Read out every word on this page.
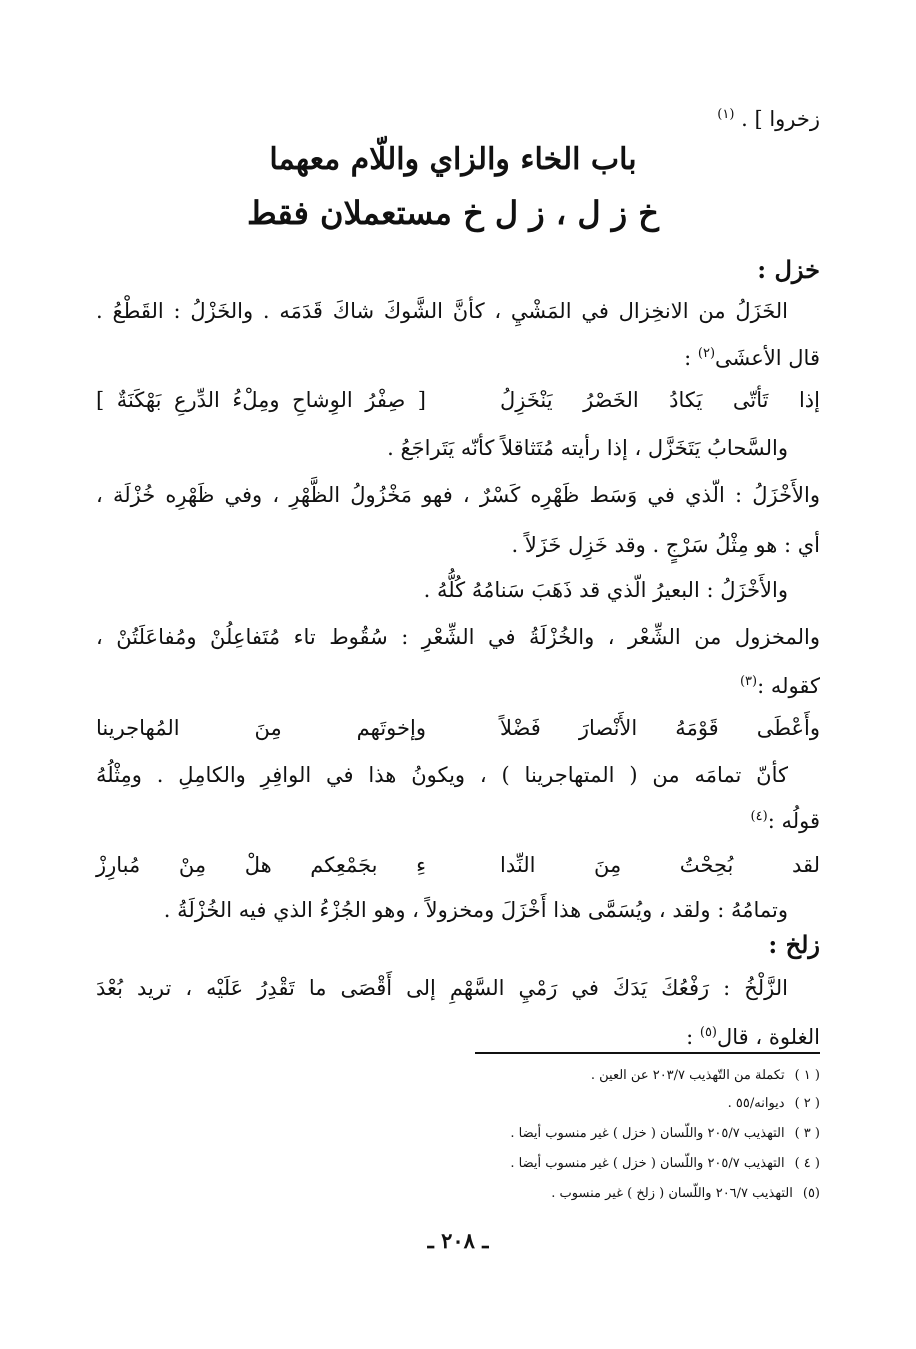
زخروا ] . $^{(١)}$
باب الخاء والزاي واللّام معهما
خ ز ل ، ز ل خ مستعملان فقط
خزل :
الخَزَلُ من الانخِزال في المَشْيِ ، كأنَّ الشَّوكَ شاكَ قَدَمَه . والخَزْلُ : القَطْعُ .
قال الأعشَى$^{(٢)}$ :
إذا تَأتّى يَكادُ الخَصْرُ يَنْخَزِلُ
[ صِفْرُ الوِشاحِ ومِلْءُ الدِّرعِ بَهْكَنَةٌ ]
والسَّحابُ يَتَخَزَّل ، إذا رأيته مُتَثاقلاً كأنّه يَتَراجَعُ .
والأَخْزَلُ : الّذي في وَسَط ظَهْرِه كَسْرٌ ، فهو مَخْزُولُ الظَّهْرِ ، وفي ظَهْرِه خُزْلَة ،
أي : هو مِثْلُ سَرْجٍ . وقد خَزِل خَزَلاً .
والأَخْزَلُ : البعيرُ الّذي قد ذَهَبَ سَنامُهُ كُلُّهُ .
والمخزول من الشِّعْر ، والخُزْلَةُ في الشِّعْرِ : سُقُوط تاء مُتَفاعِلُنْ ومُفاعَلَتُنْ ،
كقوله :$^{(٣)}$
وأَعْطَى قَوْمَهُ الأَنْصارَ فَضْلاً
وإخوتَهم مِنَ المُهاجرينا
كأنّ تمامَه من ( المتهاجرينا ) ، ويكونُ هذا في الوافِرِ والكامِلِ . ومِثْلُهُ
قولُه :$^{(٤)}$
لقد بُحِحْتُ مِنَ النِّدا
ءِ بجَمْعِكم هلْ مِنْ مُبارِزْ
وتمامُهُ : ولقد ، ويُسَمَّى هذا أَخْزَلَ ومخزولاً ، وهو الجُزْءُ الذي فيه الخُزْلَةُ .
زلخ :
الزَّلْخُ : رَفْعُكَ يَدَكَ في رَمْيِ السَّهْمِ إلى أَقْصَى ما تَقْدِرُ عَلَيْه ، تريد بُعْدَ
الغلوة ، قال$^{(٥)}$ :
( ١ )تكملة من التّهذيب ٢٠٣/٧ عن العين .
( ٢ )ديوانه/٥٥ .
( ٣ )التهذيب ٢٠٥/٧ واللّسان ( خزل ) غير منسوب أيضا .
( ٤ )التهذيب ٢٠٥/٧ واللّسان ( خزل ) غير منسوب أيضا .
(٥)التهذيب ٢٠٦/٧ واللّسان ( زلخ ) غير منسوب .
ـ ٢٠٨ ـ
